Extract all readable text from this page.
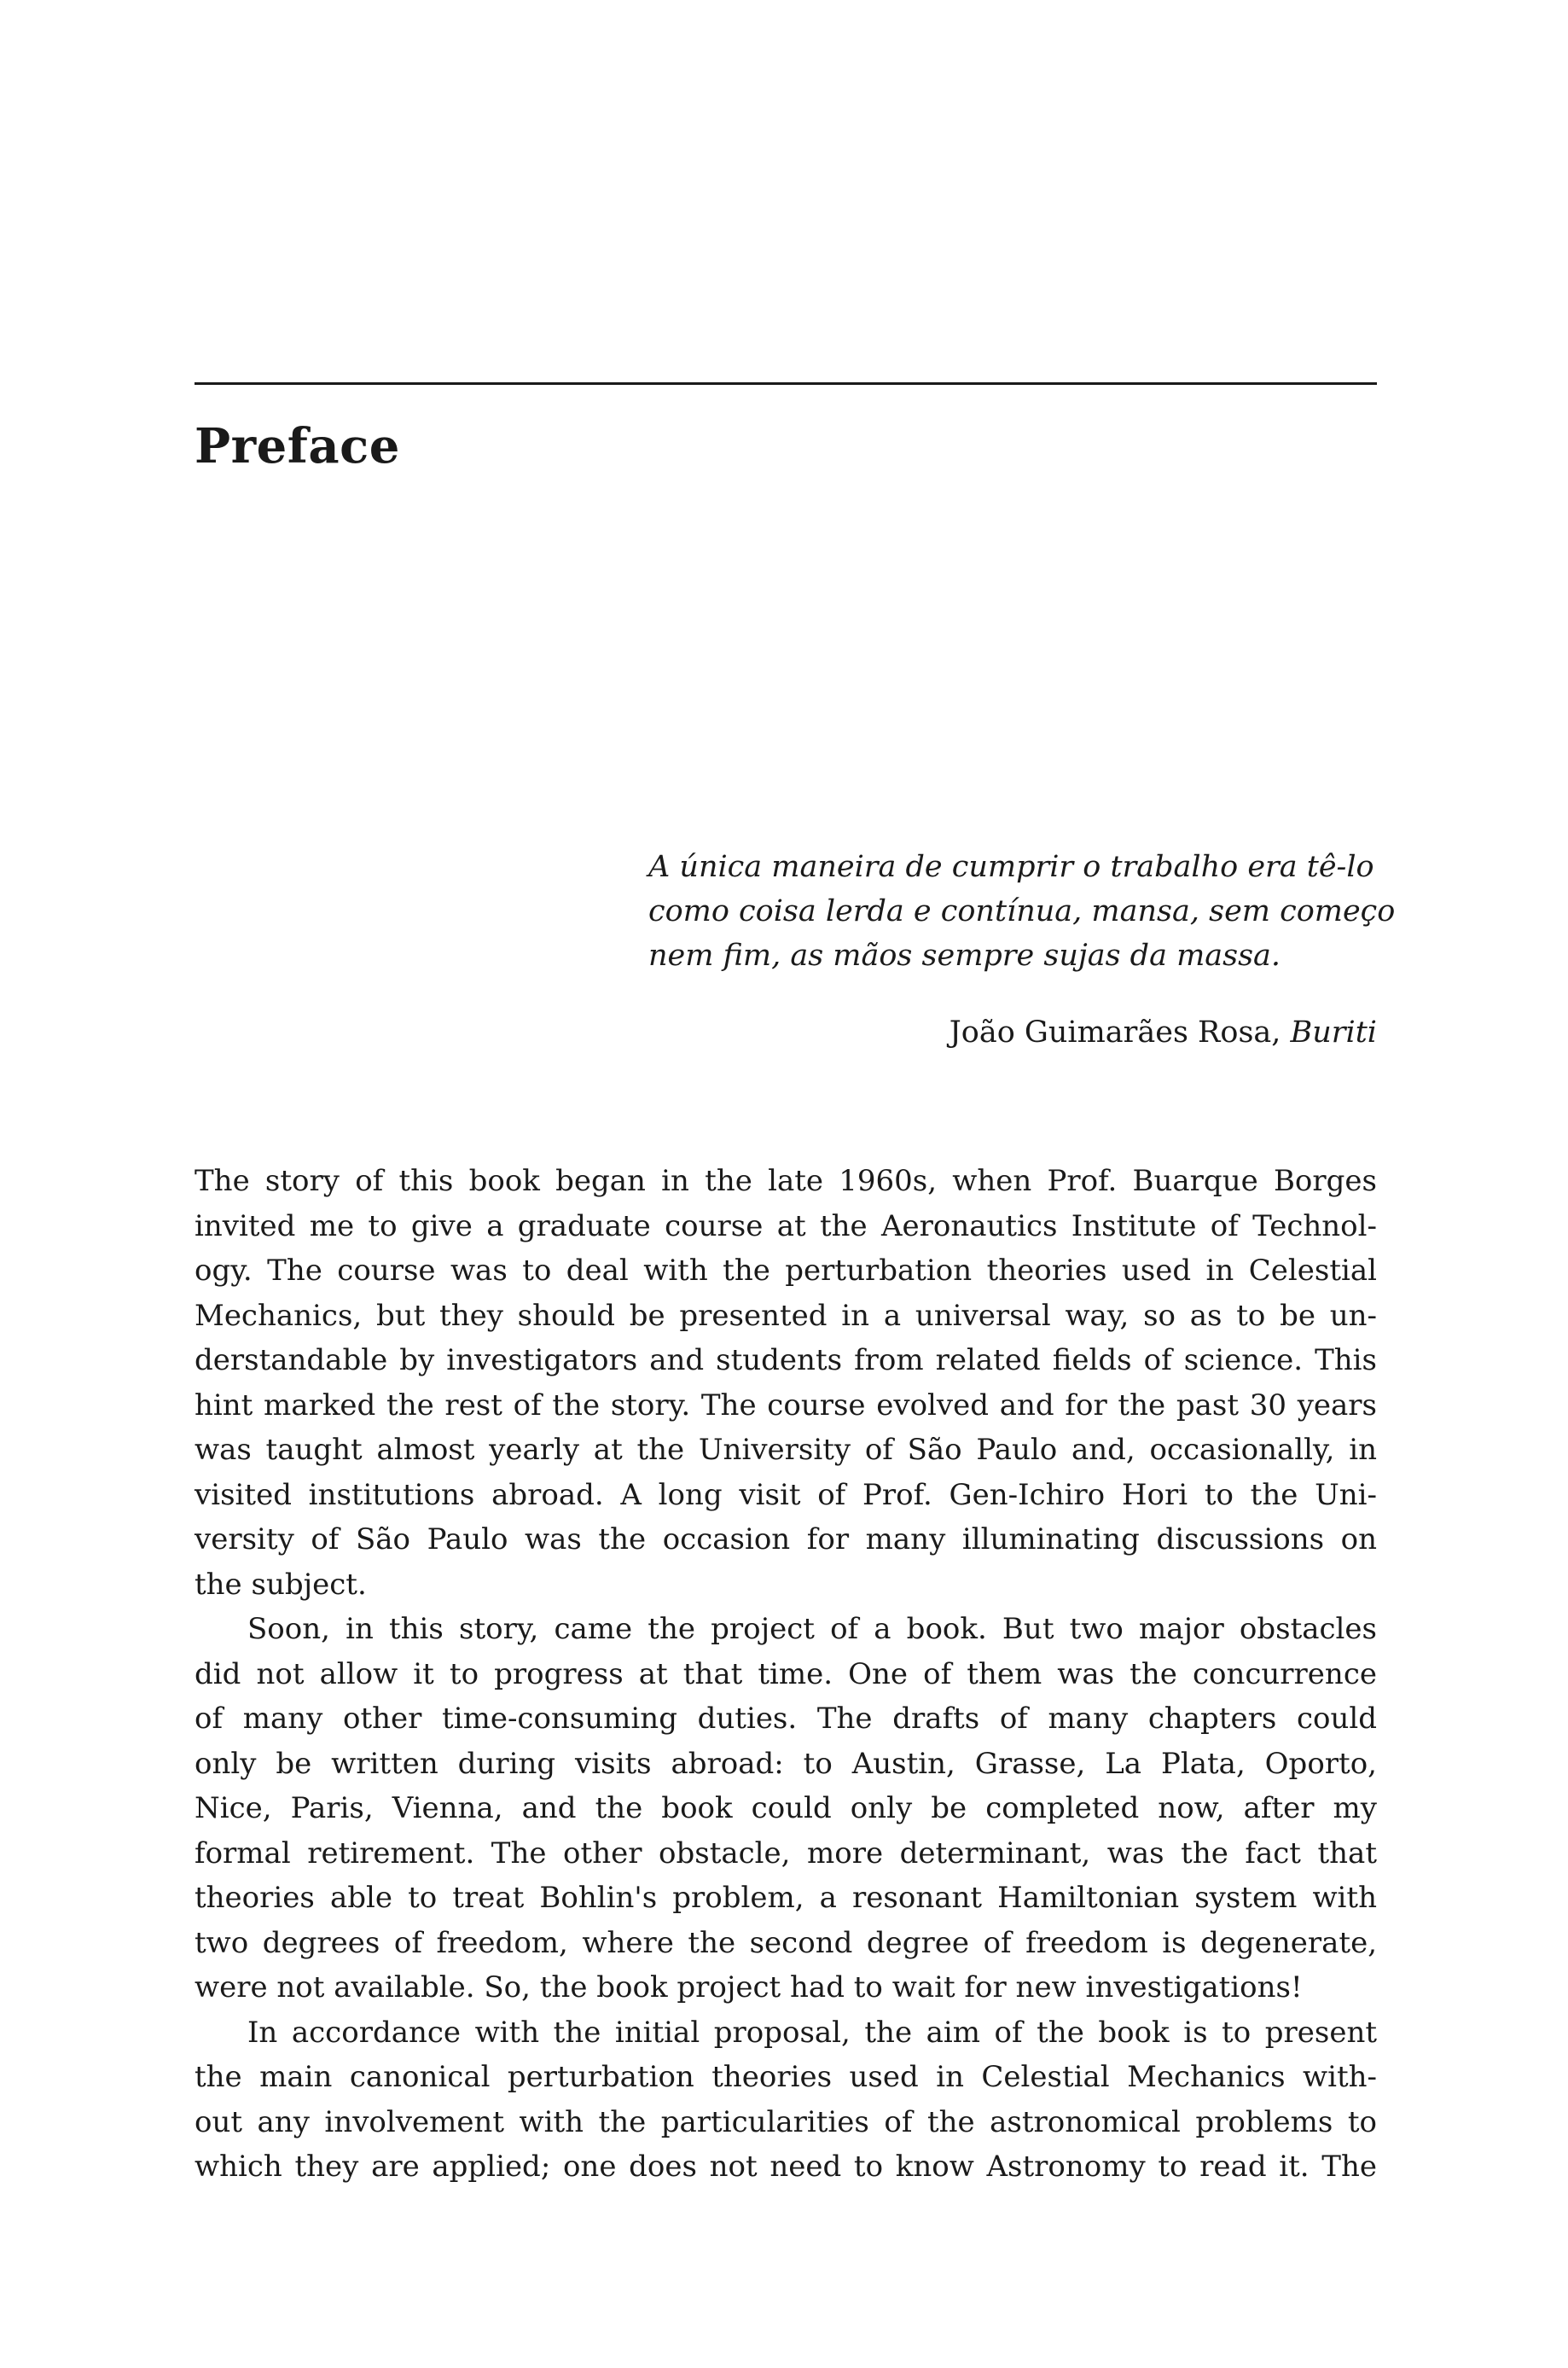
Preface

A única maneira de cumprir o trabalho era tê-lo
como coisa lerda e contínua, mansa, sem começo
nem fim, as mãos sempre sujas da massa.

João Guimarães Rosa, Buriti

The story of this book began in the late 1960s, when Prof. Buarque Borges
invited me to give a graduate course at the Aeronautics Institute of Technol-
ogy. The course was to deal with the perturbation theories used in Celestial
Mechanics, but they should be presented in a universal way, so as to be un-
derstandable by investigators and students from related fields of science. This
hint marked the rest of the story. The course evolved and for the past 30 years
was taught almost yearly at the University of São Paulo and, occasionally, in
visited institutions abroad. A long visit of Prof. Gen-Ichiro Hori to the Uni-
versity of São Paulo was the occasion for many illuminating discussions on
the subject.

Soon, in this story, came the project of a book. But two major obstacles
did not allow it to progress at that time. One of them was the concurrence
of many other time-consuming duties. The drafts of many chapters could
only be written during visits abroad: to Austin, Grasse, La Plata, Oporto,
Nice, Paris, Vienna, and the book could only be completed now, after my
formal retirement. The other obstacle, more determinant, was the fact that
theories able to treat Bohlin's problem, a resonant Hamiltonian system with
two degrees of freedom, where the second degree of freedom is degenerate,
were not available. So, the book project had to wait for new investigations!

In accordance with the initial proposal, the aim of the book is to present
the main canonical perturbation theories used in Celestial Mechanics with-
out any involvement with the particularities of the astronomical problems to
which they are applied; one does not need to know Astronomy to read it. The
